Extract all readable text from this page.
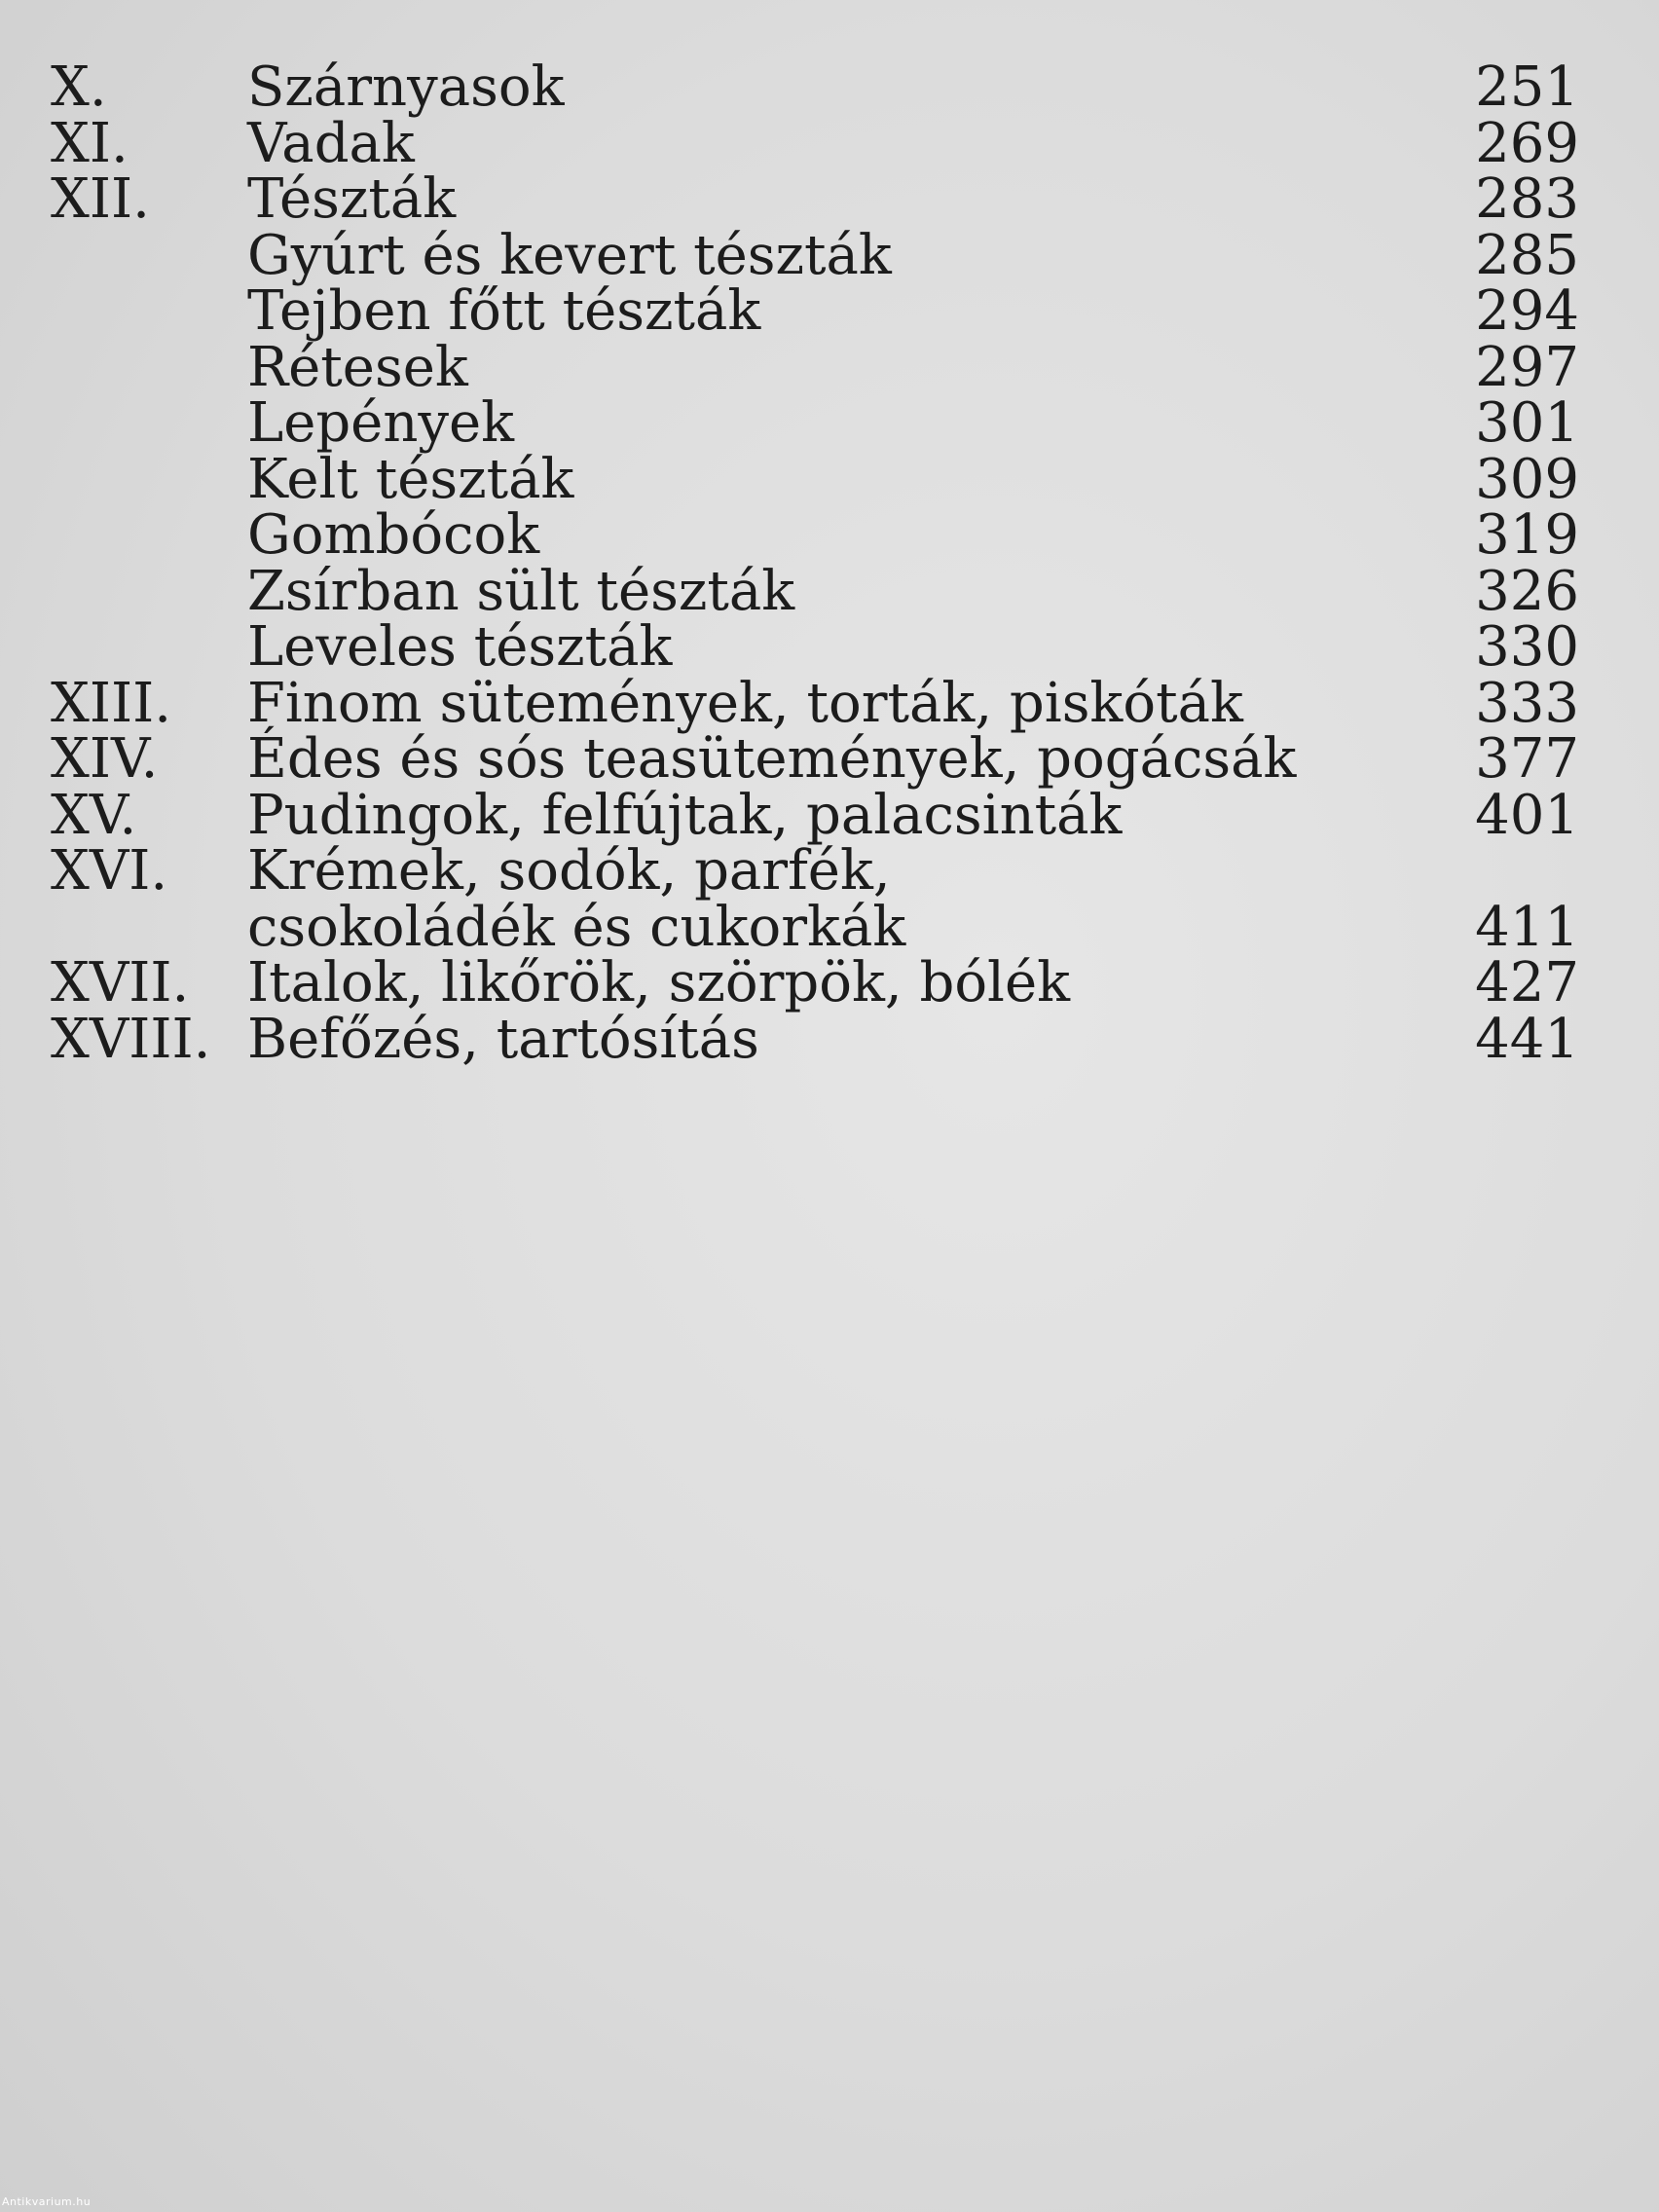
X.	Szárnyasok	251
XI. Vadak	269
XII. Tészták	283
Gyúrt és kevert tészták	285
Tejben főtt tészták	294
Rétesek	297
Lepények	301
Kelt tészták	309
Gombócok	319
Zsírban sült tészták	326
Leveles tészták	330
XIII. Finom sütemények, torták, piskóták	333
XIV. Édes és sós teasütemények, pogácsák	377
XV. Pudingok, felfújtak, palacsinták	401
XVI. Krémek, sodók, parfék,
csokoládék és cukorkák	411
XVII. Italok, likőrök, szörpök, bólék	427
XVIII. Befőzés, tartósítás	441
Antikvarium.hu
